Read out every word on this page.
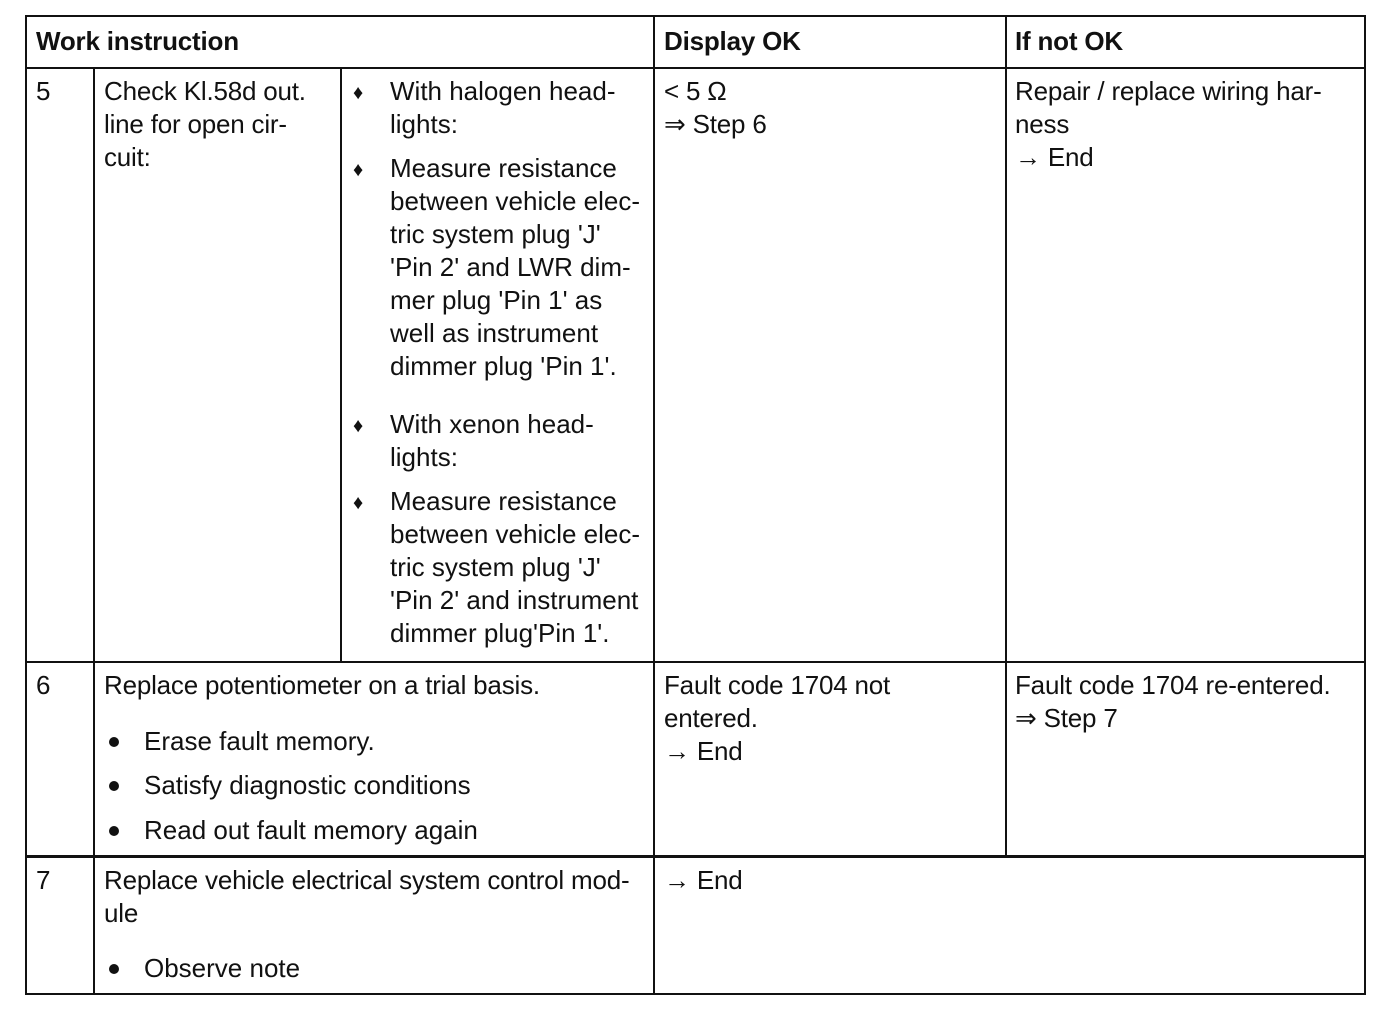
Work instruction	Display OK	If not OK
5 Check Kl.58d out.
line for open cir-
cuit:
♦ With halogen head-
lights:
♦ Measure resistance
between vehicle elec-
tric system plug 'J'
'Pin 2' and LWR dim-
mer plug 'Pin 1' as
well as instrument
dimmer plug 'Pin 1'.
♦ With xenon head-
lights:
♦ Measure resistance
between vehicle elec-
tric system plug 'J'
'Pin 2' and instrument
dimmer plug'Pin 1'.
< 5 Ω
⇒ Step 6
Repair / replace wiring har-
ness
→ End
6 Replace potentiometer on a trial basis.
Erase fault memory.
Satisfy diagnostic conditions
Read out fault memory again
Fault code 1704 not
entered.
→ End
Fault code 1704 re-entered.
⇒ Step 7
7 Replace vehicle electrical system control mod-
ule
Observe note
→ End
